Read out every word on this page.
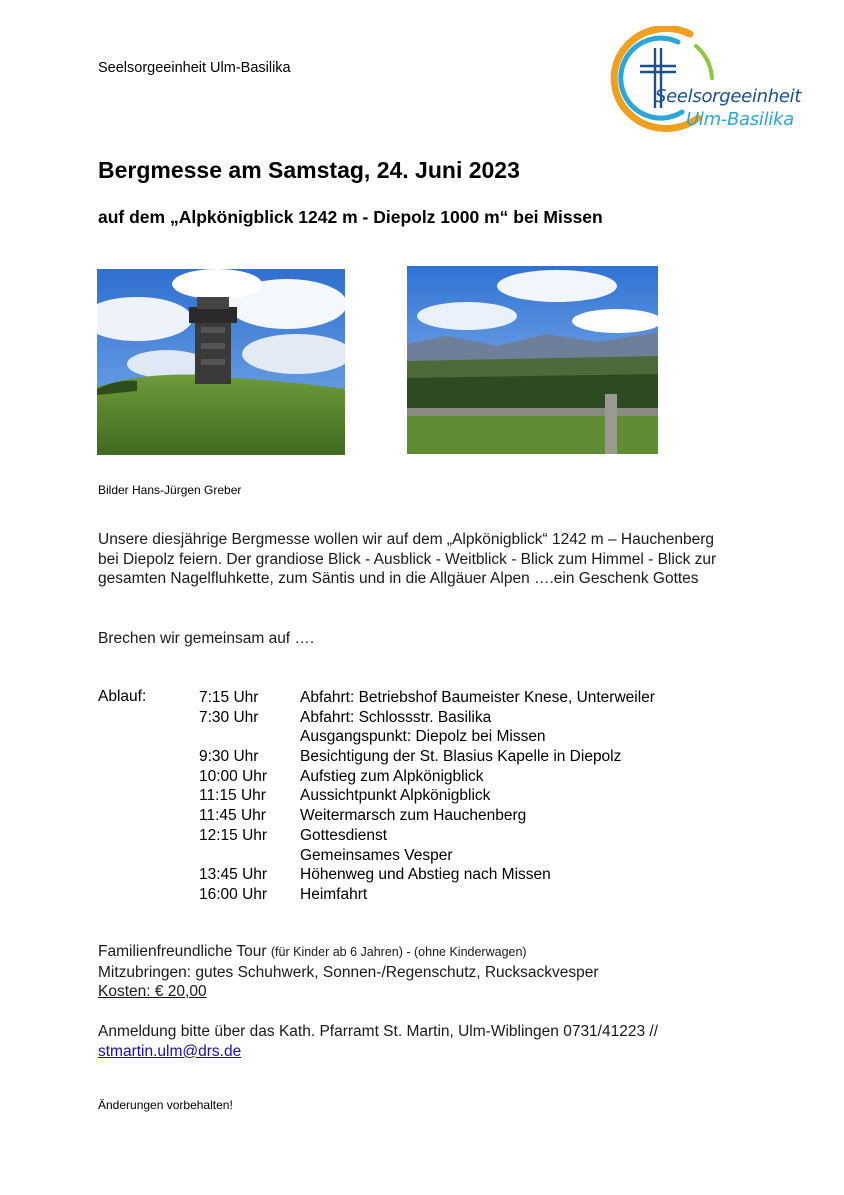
Seelsorgeeinheit Ulm-Basilika
Seelsorgeeinheit
Ulm-Basilika
Bergmesse am Samstag, 24. Juni 2023
auf dem „Alpkönigblick 1242 m - Diepolz 1000 m“ bei Missen
Bilder Hans-Jürgen Greber
Unsere diesjährige Bergmesse wollen wir auf dem „Alpkönigblick“ 1242 m – Hauchenberg bei Diepolz feiern. Der grandiose Blick - Ausblick - Weitblick - Blick zum Himmel - Blick zur gesamten Nagelfluhkette, zum Säntis und in die Allgäuer Alpen ….ein Geschenk Gottes
Brechen wir gemeinsam auf ….
Ablauf:	7:15 Uhr	Abfahrt: Betriebshof Baumeister Knese, Unterweiler
7:30 Uhr	Abfahrt: Schlossstr. Basilika
Ausgangspunkt: Diepolz bei Missen
9:30 Uhr	Besichtigung der St. Blasius Kapelle in Diepolz
10:00 Uhr	Aufstieg zum Alpkönigblick
11:15 Uhr	Aussichtpunkt Alpkönigblick
11:45 Uhr	Weitermarsch zum Hauchenberg
12:15 Uhr	Gottesdienst
Gemeinsames Vesper
13:45 Uhr	Höhenweg und Abstieg nach Missen
16:00 Uhr	Heimfahrt
Familienfreundliche Tour (für Kinder ab 6 Jahren) - (ohne Kinderwagen)
Mitzubringen: gutes Schuhwerk, Sonnen-/Regenschutz, Rucksackvesper
Kosten: € 20,00
Anmeldung bitte über das Kath. Pfarramt St. Martin, Ulm-Wiblingen 0731/41223 //
stmartin.ulm@drs.de
Änderungen vorbehalten!
